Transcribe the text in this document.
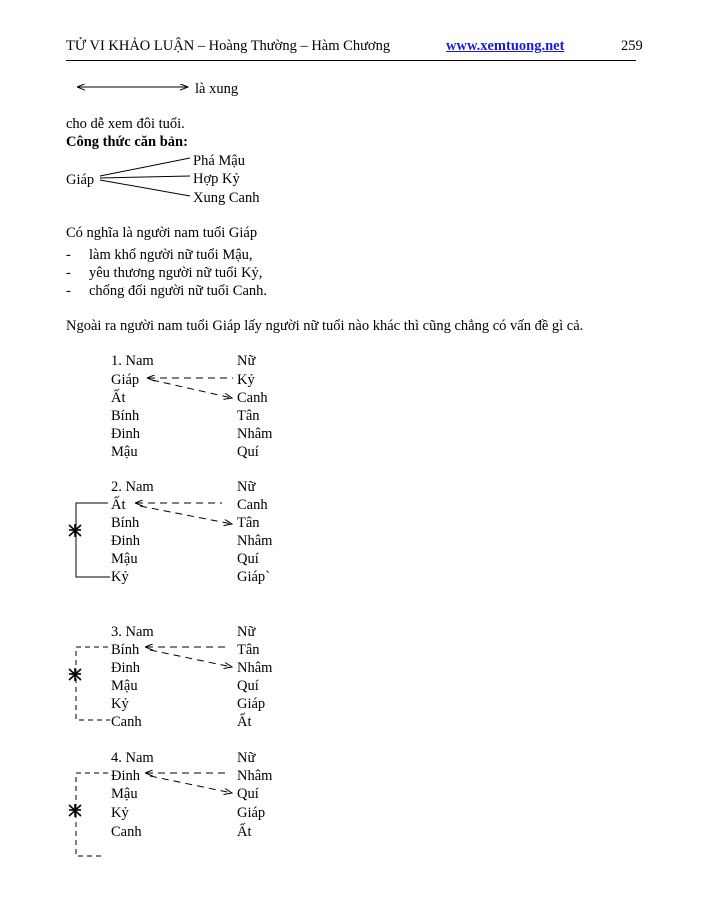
TỬ VI KHẢO LUẬN – Hoàng Thường – Hàm Chương	www.xemtuong.net	259
là xung
cho dễ xem đôi tuổi.
Công thức căn bản:
Giáp
Phá Mậu
Hợp Kỷ
Xung Canh
Có nghĩa là người nam tuổi Giáp
- làm khổ người nữ tuổi Mậu,
- yêu thương người nữ tuổi Kỷ,
- chống đối người nữ tuổi Canh.
Ngoài ra người nam tuổi Giáp lấy người nữ tuổi nào khác thì cũng chẳng có vấn đề gì cả.
1. Nam	Nữ
Giáp	Kỷ
Ất	Canh
Bính	Tân
Đinh	Nhâm
Mậu	Quí
2. Nam	Nữ
Ất	Canh
Bính	Tân
Đinh	Nhâm
Mậu	Quí
Kỷ	Giáp`
3. Nam	Nữ
Bính	Tân
Đinh	Nhâm
Mậu	Quí
Kỷ	Giáp
Canh	Ất
4. Nam	Nữ
Đinh	Nhâm
Mậu	Quí
Kỷ	Giáp
Canh	Ất
